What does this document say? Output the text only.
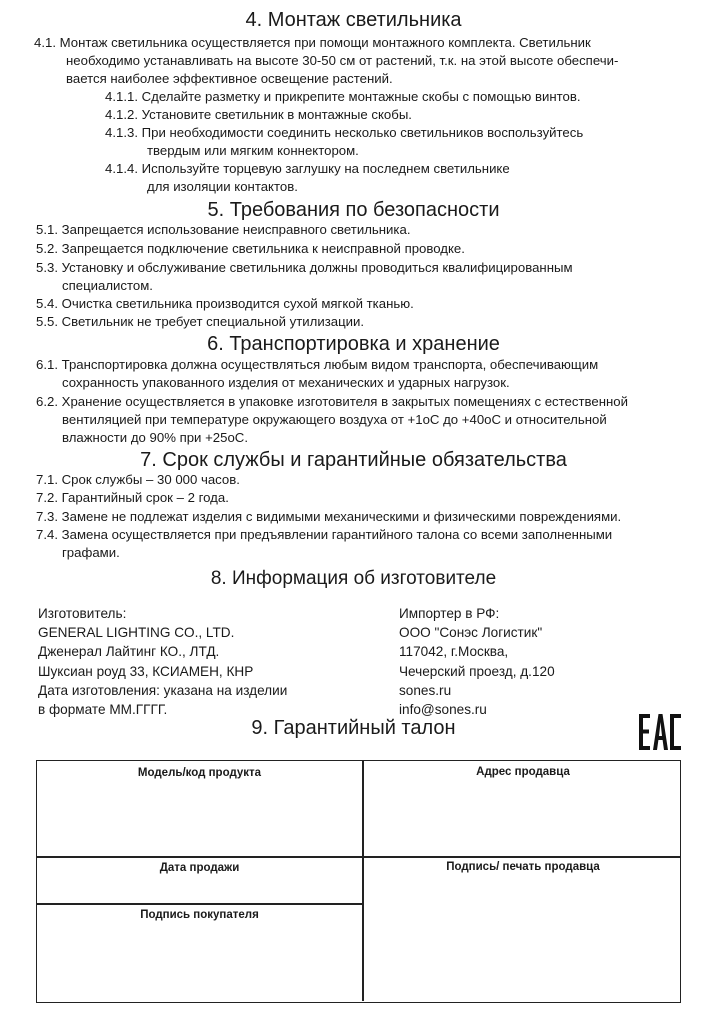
4. Монтаж светильника
4.1. Монтаж светильника осуществляется при помощи монтажного комплекта. Светильник
необходимо устанавливать на высоте 30-50 см от растений, т.к. на этой высоте обеспечи-
вается наиболее эффективное освещение растений.
4.1.1. Сделайте разметку и прикрепите монтажные скобы с помощью винтов.
4.1.2. Установите светильник в монтажные скобы.
4.1.3. При необходимости соединить несколько светильников воспользуйтесь
твердым или мягким коннектором.
4.1.4. Используйте торцевую заглушку на последнем светильнике
для изоляции контактов.
5. Требования по безопасности
5.1. Запрещается использование неисправного светильника.
5.2. Запрещается подключение светильника к неисправной проводке.
5.3. Установку и обслуживание светильника должны проводиться квалифицированным
специалистом.
5.4. Очистка светильника производится сухой мягкой тканью.
5.5. Светильник не требует специальной утилизации.
6. Транспортировка и хранение
6.1. Транспортировка должна осуществляться любым видом транспорта, обеспечивающим
сохранность упакованного изделия от механических и ударных нагрузок.
6.2. Хранение осуществляется в упаковке изготовителя в закрытых помещениях с естественной
вентиляцией при температуре окружающего воздуха от +1оС до +40оС и относительной
влажности до 90% при +25оС.
7. Срок службы и гарантийные обязательства
7.1. Срок службы – 30 000 часов.
7.2. Гарантийный срок – 2 года.
7.3. Замене не подлежат изделия с видимыми механическими и физическими повреждениями.
7.4. Замена осуществляется при предъявлении гарантийного талона со всеми заполненными
графами.
8. Информация об изготовителе
Изготовитель:
GENERAL LIGHTING CO., LTD.
Дженерал Лайтинг КО., ЛТД.
Шуксиан роуд 33, КСИАМЕН, КНР
Дата изготовления: указана на изделии
в формате ММ.ГГГГ.
Импортер в РФ:
ООО "Сонэс Логистик"
117042, г.Москва,
Чечерский проезд, д.120
sones.ru
info@sones.ru
9. Гарантийный талон
Модель/код продукта	Адрес продавца
Дата продажи	Подпись/ печать продавца
Подпись покупателя
